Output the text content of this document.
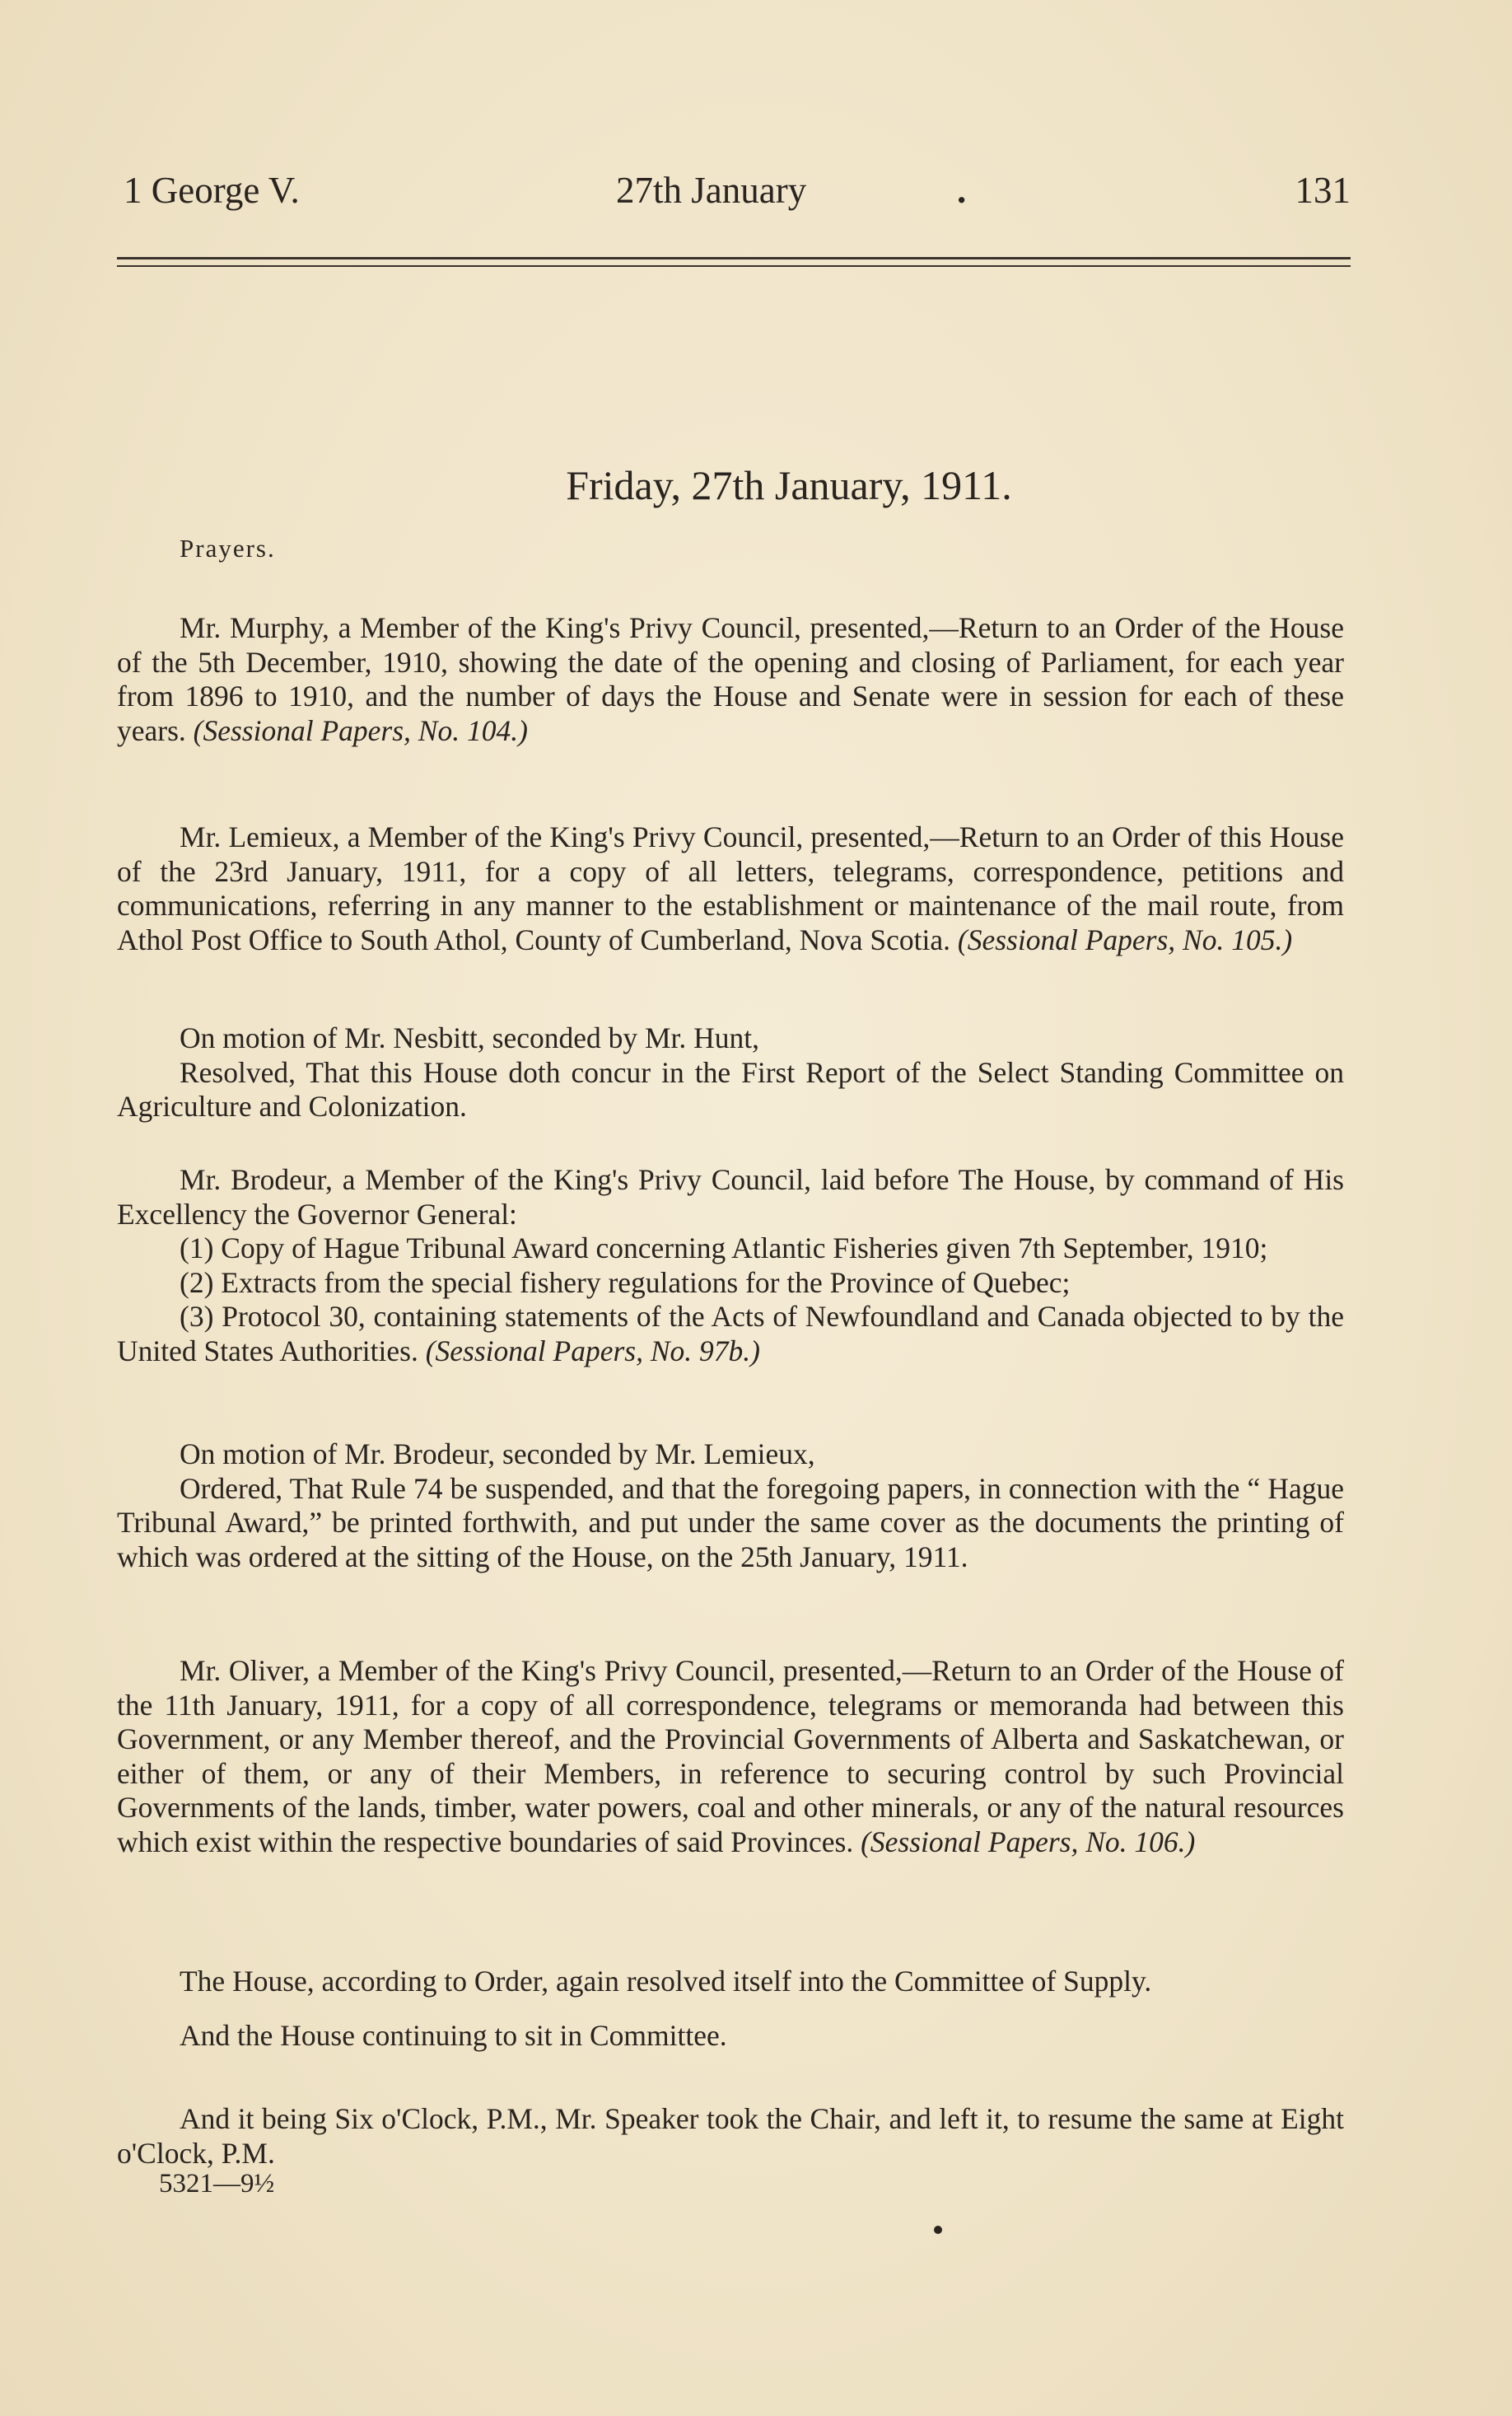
1 George V.	27th January	.	131
Friday, 27th January, 1911.
Prayers.

Mr. Murphy, a Member of the King's Privy Council, presented,—Return to an Order of the House of the 5th December, 1910, showing the date of the opening and closing of Parliament, for each year from 1896 to 1910, and the number of days the House and Senate were in session for each of these years. (Sessional Papers, No. 104.)

Mr. Lemieux, a Member of the King's Privy Council, presented,—Return to an Order of this House of the 23rd January, 1911, for a copy of all letters, telegrams, correspondence, petitions and communications, referring in any manner to the establishment or maintenance of the mail route, from Athol Post Office to South Athol, County of Cumberland, Nova Scotia. (Sessional Papers, No. 105.)

On motion of Mr. Nesbitt, seconded by Mr. Hunt,

Resolved, That this House doth concur in the First Report of the Select Standing Committee on Agriculture and Colonization.

Mr. Brodeur, a Member of the King's Privy Council, laid before The House, by command of His Excellency the Governor General:

(1) Copy of Hague Tribunal Award concerning Atlantic Fisheries given 7th September, 1910;

(2) Extracts from the special fishery regulations for the Province of Quebec;

(3) Protocol 30, containing statements of the Acts of Newfoundland and Canada objected to by the United States Authorities. (Sessional Papers, No. 97b.)

On motion of Mr. Brodeur, seconded by Mr. Lemieux,

Ordered, That Rule 74 be suspended, and that the foregoing papers, in connection with the “ Hague Tribunal Award,” be printed forthwith, and put under the same cover as the documents the printing of which was ordered at the sitting of the House, on the 25th January, 1911.

Mr. Oliver, a Member of the King's Privy Council, presented,—Return to an Order of the House of the 11th January, 1911, for a copy of all correspondence, telegrams or memoranda had between this Government, or any Member thereof, and the Provincial Governments of Alberta and Saskatchewan, or either of them, or any of their Members, in reference to securing control by such Provincial Governments of the lands, timber, water powers, coal and other minerals, or any of the natural resources which exist within the respective boundaries of said Provinces. (Sessional Papers, No. 106.)

The House, according to Order, again resolved itself into the Committee of Supply.

And the House continuing to sit in Committee.

And it being Six o'Clock, P.M., Mr. Speaker took the Chair, and left it, to resume the same at Eight o'Clock, P.M.

5321—9½
